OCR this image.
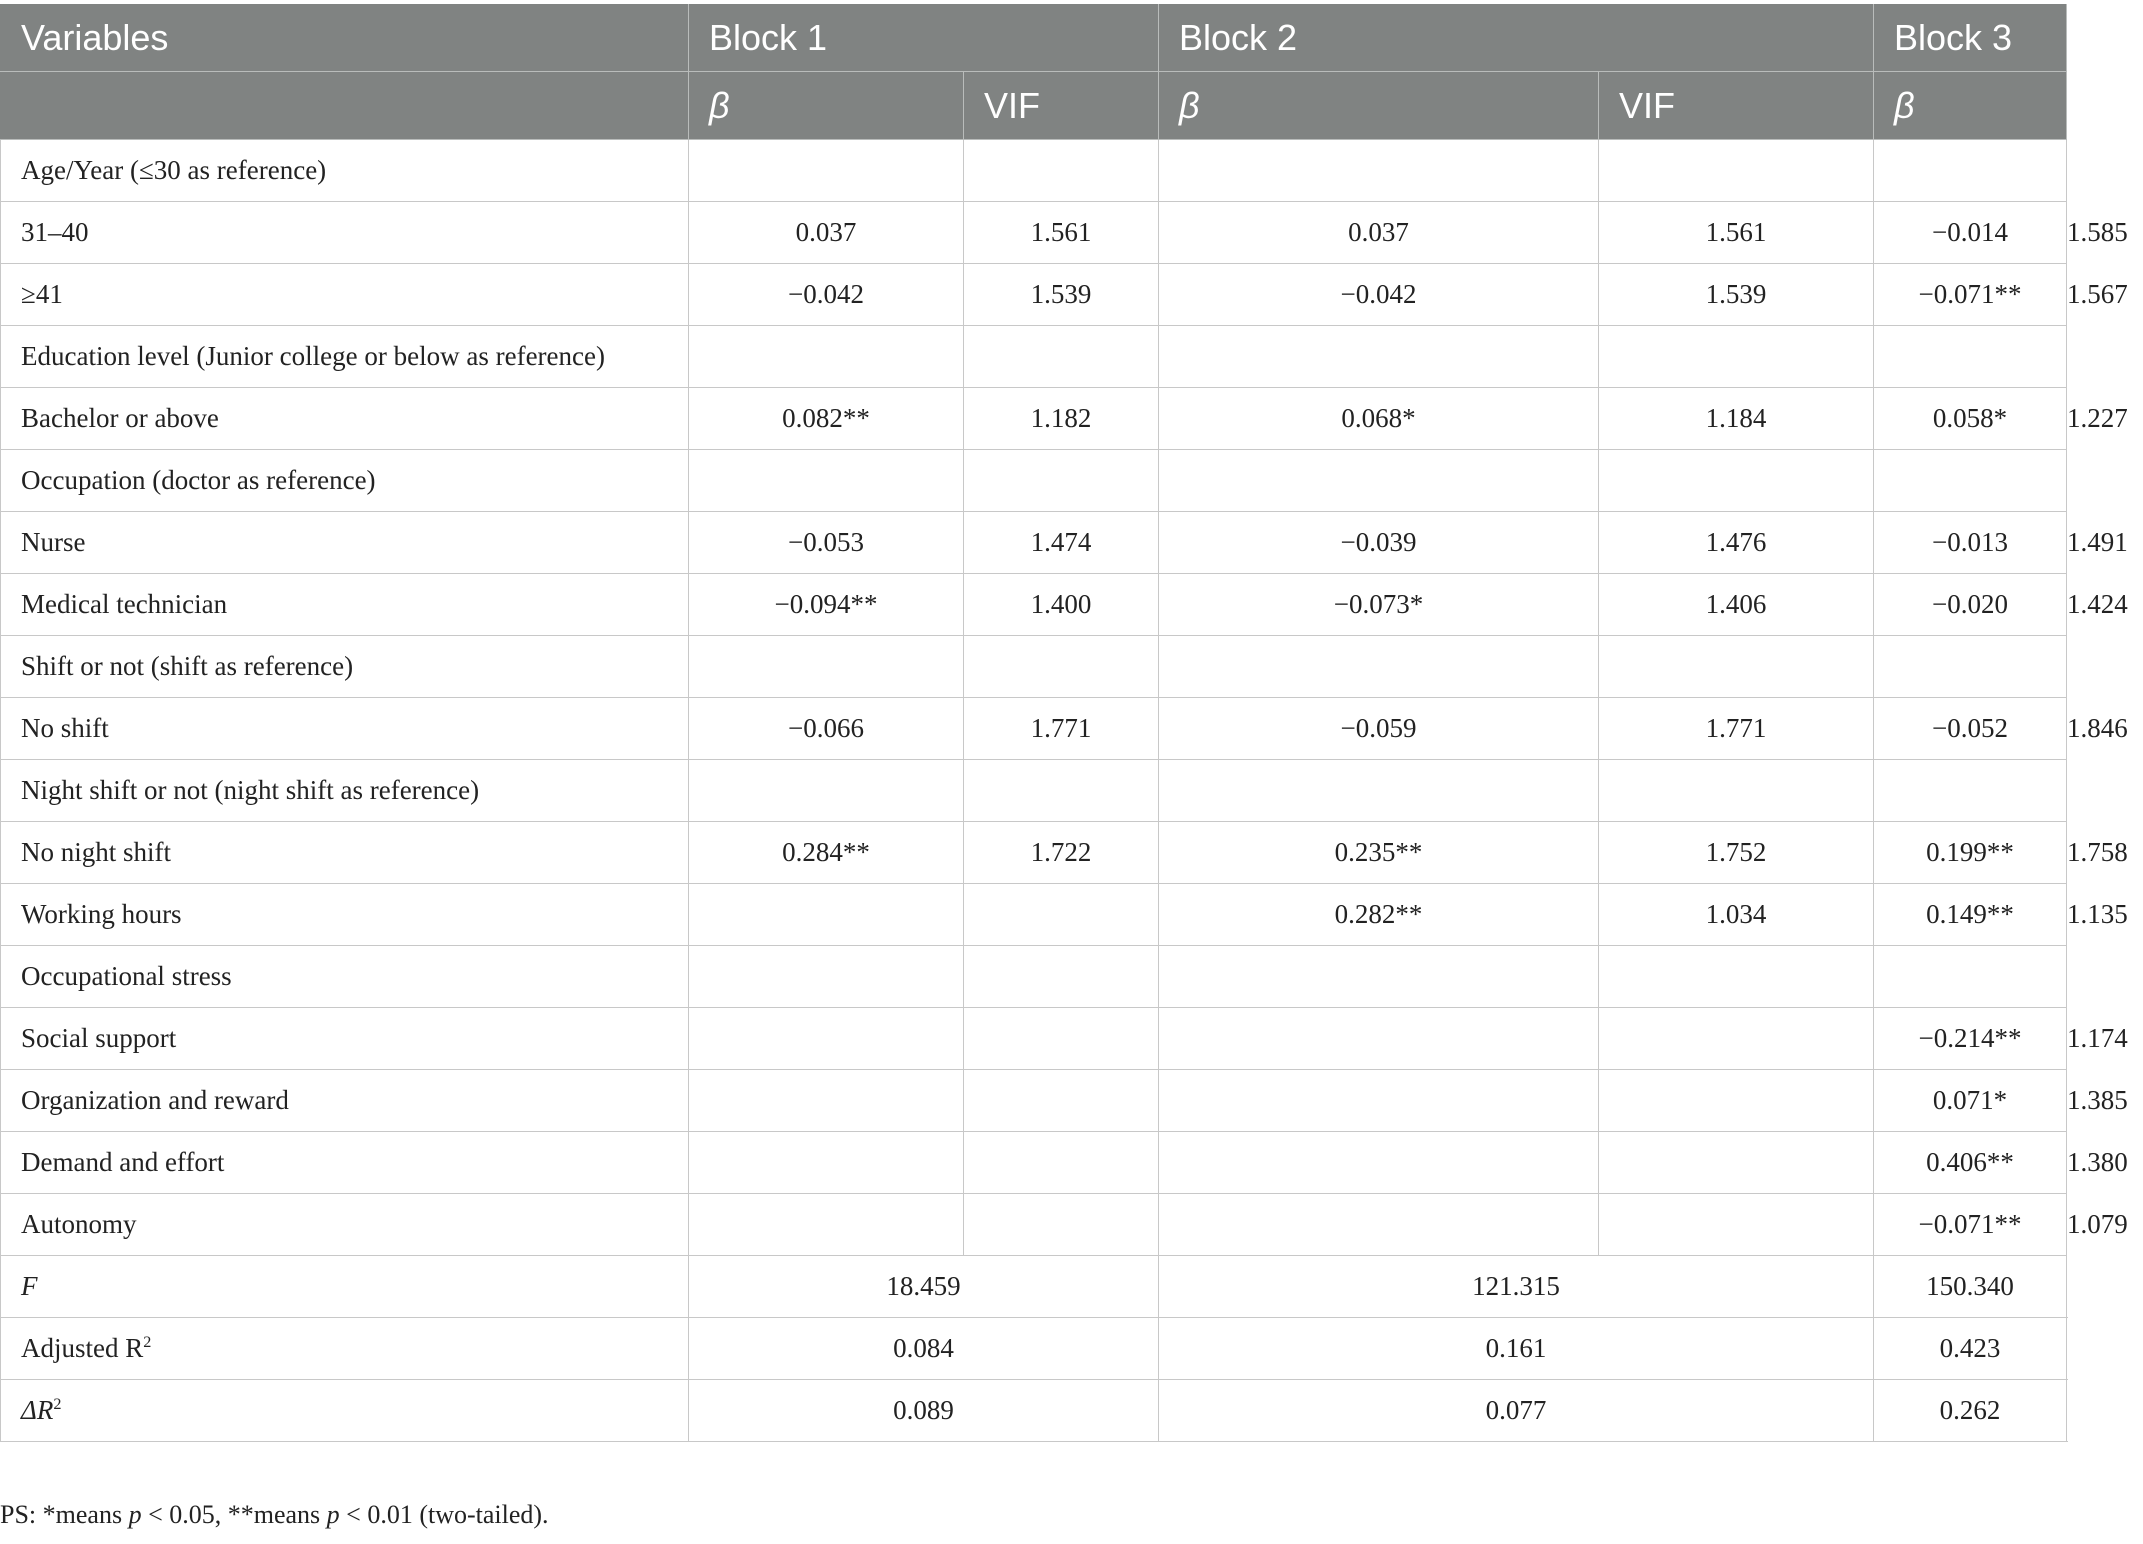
Variables	Block 1		Block 2		Block 3	
	β	VIF	β	VIF	β	VIF
Age/Year (≤30 as reference)						
31–40	0.037	1.561	0.037	1.561	−0.014	1.585
≥41	−0.042	1.539	−0.042	1.539	−0.071**	1.567
Education level (Junior college or below as reference)						
Bachelor or above	0.082**	1.182	0.068*	1.184	0.058*	1.227
Occupation (doctor as reference)						
Nurse	−0.053	1.474	−0.039	1.476	−0.013	1.491
Medical technician	−0.094**	1.400	−0.073*	1.406	−0.020	1.424
Shift or not (shift as reference)						
No shift	−0.066	1.771	−0.059	1.771	−0.052	1.846
Night shift or not (night shift as reference)						
No night shift	0.284**	1.722	0.235**	1.752	0.199**	1.758
Working hours			0.282**	1.034	0.149**	1.135
Occupational stress						
Social support					−0.214**	1.174
Organization and reward					0.071*	1.385
Demand and effort					0.406**	1.380
Autonomy					−0.071**	1.079
F	18.459		121.315		150.340	
Adjusted $R^2$	0.084		0.161		0.423	
$\Delta R^2$	0.089		0.077		0.262	
PS: *means p < 0.05, **means p < 0.01 (two-tailed).
